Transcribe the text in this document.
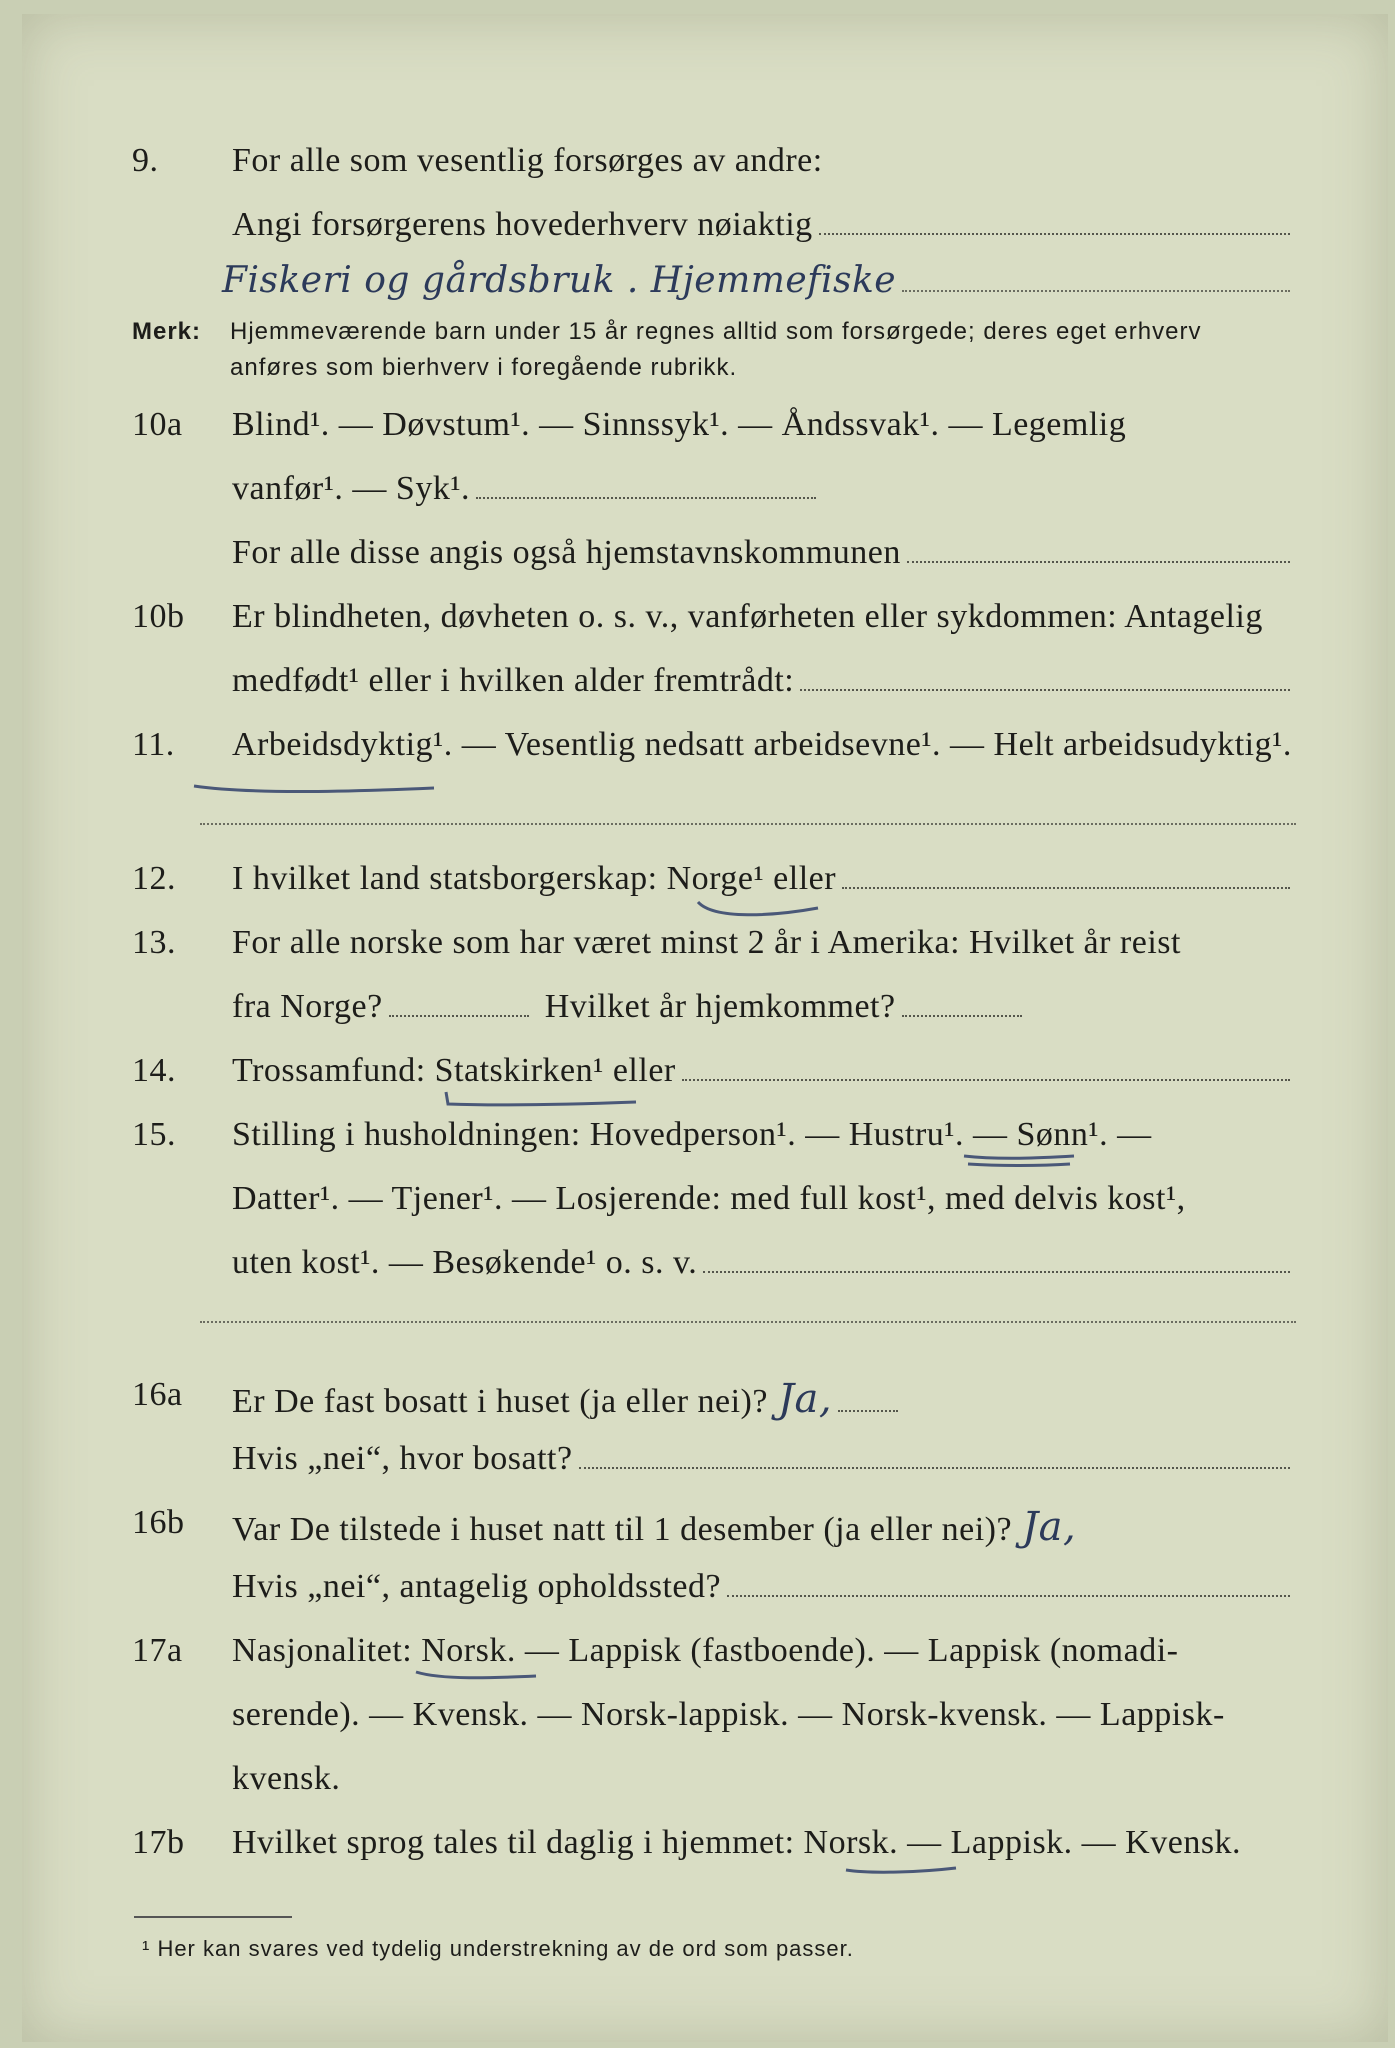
9.	For alle som vesentlig forsørges av andre:
Angi forsørgerens hovederhverv nøiaktig
Fiskeri og gårdsbruk . Hjemmefiske
Merk: Hjemmeværende barn under 15 år regnes alltid som forsørgede; deres eget erhverv
anføres som bierhverv i foregående rubrikk.
10a	Blind¹. — Døvstum¹. — Sinnssyk¹. — Åndssvak¹. — Legemlig
vanfør¹. — Syk¹.
For alle disse angis også hjemstavnskommunen
10b	Er blindheten, døvheten o. s. v., vanførheten eller sykdommen: Antagelig
medfødt¹ eller i hvilken alder fremtrådt:
11.	Arbeidsdyktig¹. — Vesentlig nedsatt arbeidsevne¹. — Helt arbeidsudyktig¹.
12.	I hvilket land statsborgerskap: Norge¹ eller
13.	For alle norske som har været minst 2 år i Amerika: Hvilket år reist
fra Norge?	Hvilket år hjemkommet?
14.	Trossamfund: Statskirken¹ eller
15.	Stilling i husholdningen: Hovedperson¹. — Hustru¹. — Sønn¹. —
Datter¹. — Tjener¹. — Losjerende: med full kost¹, med delvis kost¹,
uten kost¹. — Besøkende¹ o. s. v.
16a	Er De fast bosatt i huset (ja eller nei)? Ja,
Hvis „nei“, hvor bosatt?
16b	Var De tilstede i huset natt til 1 desember (ja eller nei)? Ja,
Hvis „nei“, antagelig opholdssted?
17a	Nasjonalitet: Norsk. — Lappisk (fastboende). — Lappisk (nomadi-
serende). — Kvensk. — Norsk-lappisk. — Norsk-kvensk. — Lappisk-
kvensk.
17b	Hvilket sprog tales til daglig i hjemmet: Norsk. — Lappisk. — Kvensk.
¹ Her kan svares ved tydelig understrekning av de ord som passer.
